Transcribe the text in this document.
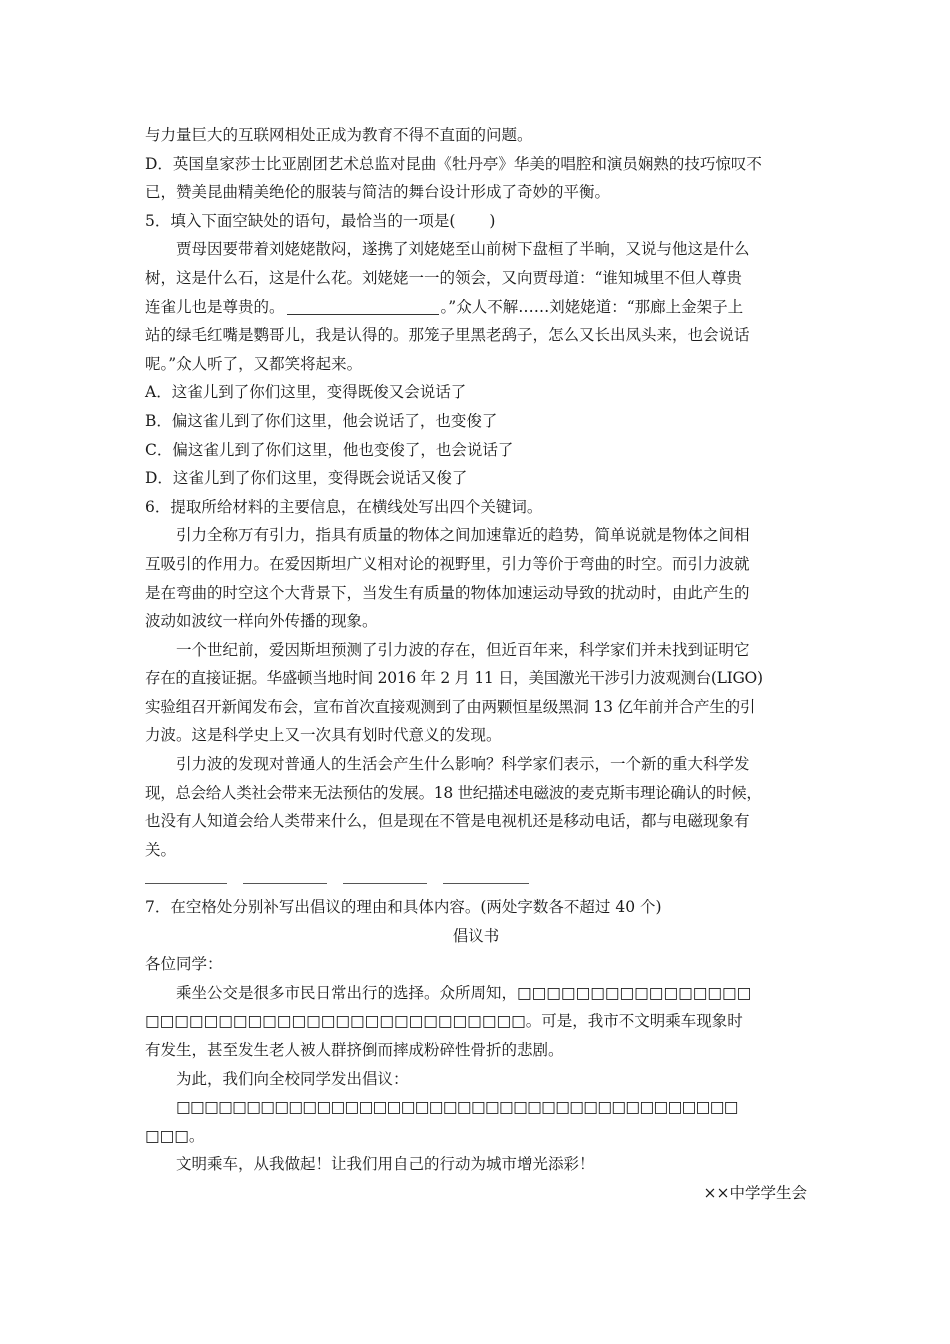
与力量巨大的互联网相处正成为教育不得不直面的问题。
D．英国皇家莎士比亚剧团艺术总监对昆曲《牡丹亭》华美的唱腔和演员娴熟的技巧惊叹不
已，赞美昆曲精美绝伦的服装与简洁的舞台设计形成了奇妙的平衡。
5．填入下面空缺处的语句，最恰当的一项是( )
贾母因要带着刘姥姥散闷，遂携了刘姥姥至山前树下盘桓了半晌，又说与他这是什么
树，这是什么石，这是什么花。刘姥姥一一的领会，又向贾母道：“谁知城里不但人尊贵
连雀儿也是尊贵的。	。”众人不解……刘姥姥道：“那廊上金架子上
站的绿毛红嘴是鹦哥儿，我是认得的。那笼子里黑老鸹子，怎么又长出凤头来，也会说话
呢。”众人听了，又都笑将起来。
A．这雀儿到了你们这里，变得既俊又会说话了
B．偏这雀儿到了你们这里，他会说话了，也变俊了
C．偏这雀儿到了你们这里，他也变俊了，也会说话了
D．这雀儿到了你们这里，变得既会说话又俊了
6．提取所给材料的主要信息，在横线处写出四个关键词。
引力全称万有引力，指具有质量的物体之间加速靠近的趋势，简单说就是物体之间相
互吸引的作用力。在爱因斯坦广义相对论的视野里，引力等价于弯曲的时空。而引力波就
是在弯曲的时空这个大背景下，当发生有质量的物体加速运动导致的扰动时，由此产生的
波动如波纹一样向外传播的现象。
一个世纪前，爱因斯坦预测了引力波的存在，但近百年来，科学家们并未找到证明它
存在的直接证据。华盛顿当地时间 2016 年 2 月 11 日，美国激光干涉引力波观测台(LIGO)
实验组召开新闻发布会，宣布首次直接观测到了由两颗恒星级黑洞 13 亿年前并合产生的引
力波。这是科学史上又一次具有划时代意义的发现。
引力波的发现对普通人的生活会产生什么影响？科学家们表示，一个新的重大科学发
现，总会给人类社会带来无法预估的发展。18 世纪描述电磁波的麦克斯韦理论确认的时候，
也没有人知道会给人类带来什么，但是现在不管是电视机还是移动电话，都与电磁现象有
关。
7．在空格处分别补写出倡议的理由和具体内容。(两处字数各不超过 40 个)
倡议书
各位同学：
乘坐公交是很多市民日常出行的选择。众所周知，□□□□□□□□□□□□□□□□
□□□□□□□□□□□□□□□□□□□□□□□□□□。可是，我市不文明乘车现象时
有发生，甚至发生老人被人群挤倒而摔成粉碎性骨折的悲剧。
为此，我们向全校同学发出倡议：
□□□□□□□□□□□□□□□□□□□□□□□□□□□□□□□□□□□□□□□□
□□□。
文明乘车，从我做起！让我们用自己的行动为城市增光添彩！
××中学学生会
